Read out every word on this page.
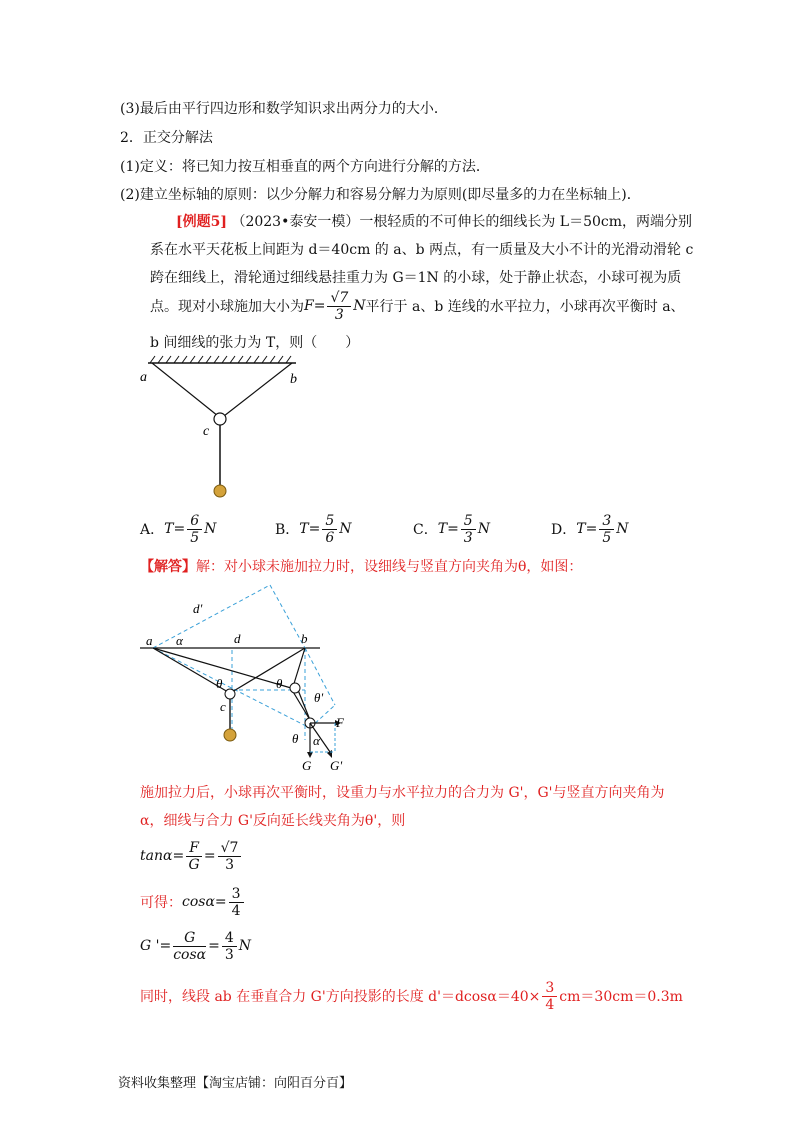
(3)最后由平行四边形和数学知识求出两分力的大小．
2．正交分解法
(1)定义：将已知力按互相垂直的两个方向进行分解的方法．
(2)建立坐标轴的原则：以少分解力和容易分解力为原则(即尽量多的力在坐标轴上)．
[例题5] （2023•泰安一模）一根轻质的不可伸长的细线长为 L＝50cm，两端分别
系在水平天花板上间距为 d＝40cm 的 a、b 两点，有一质量及大小不计的光滑动滑轮 c
跨在细线上，滑轮通过细线悬挂重力为 G＝1N 的小球，处于静止状态，小球可视为质
点。现对小球施加大小为 $F = \frac{√7}{3}$ N 平行于 a、b 连线的水平拉力，小球再次平衡时 a、
b 间细线的张力为 T，则（　　）
a	b
c
A． $T = \frac{6}{5}$ N	B． $T = \frac{5}{6}$ N	C． $T = \frac{5}{3}$ N	D． $T = \frac{3}{5}$ N
【解答】解：对小球未施加拉力时，设细线与竖直方向夹角为θ，如图：
d'
a α	d	b
θ	θ
θ'
c
F
θ α
G G'
施加拉力后，小球再次平衡时，设重力与水平拉力的合力为 G'，G'与竖直方向夹角为
α，细线与合力 G'反向延长线夹角为θ'，则
$\tan\alpha = \frac{F}{G} = \frac{√7}{3}$
可得： $\cos\alpha = \frac{3}{4}$
G ' = $\frac{G}{\cos\alpha} = \frac{4}{3}$ N
同时，线段 ab 在垂直合力 G'方向投影的长度 $d'=dcos\alpha=40\times \frac{3}{4} cm=30cm=0.3m$
资料收集整理【淘宝店铺：向阳百分百】
